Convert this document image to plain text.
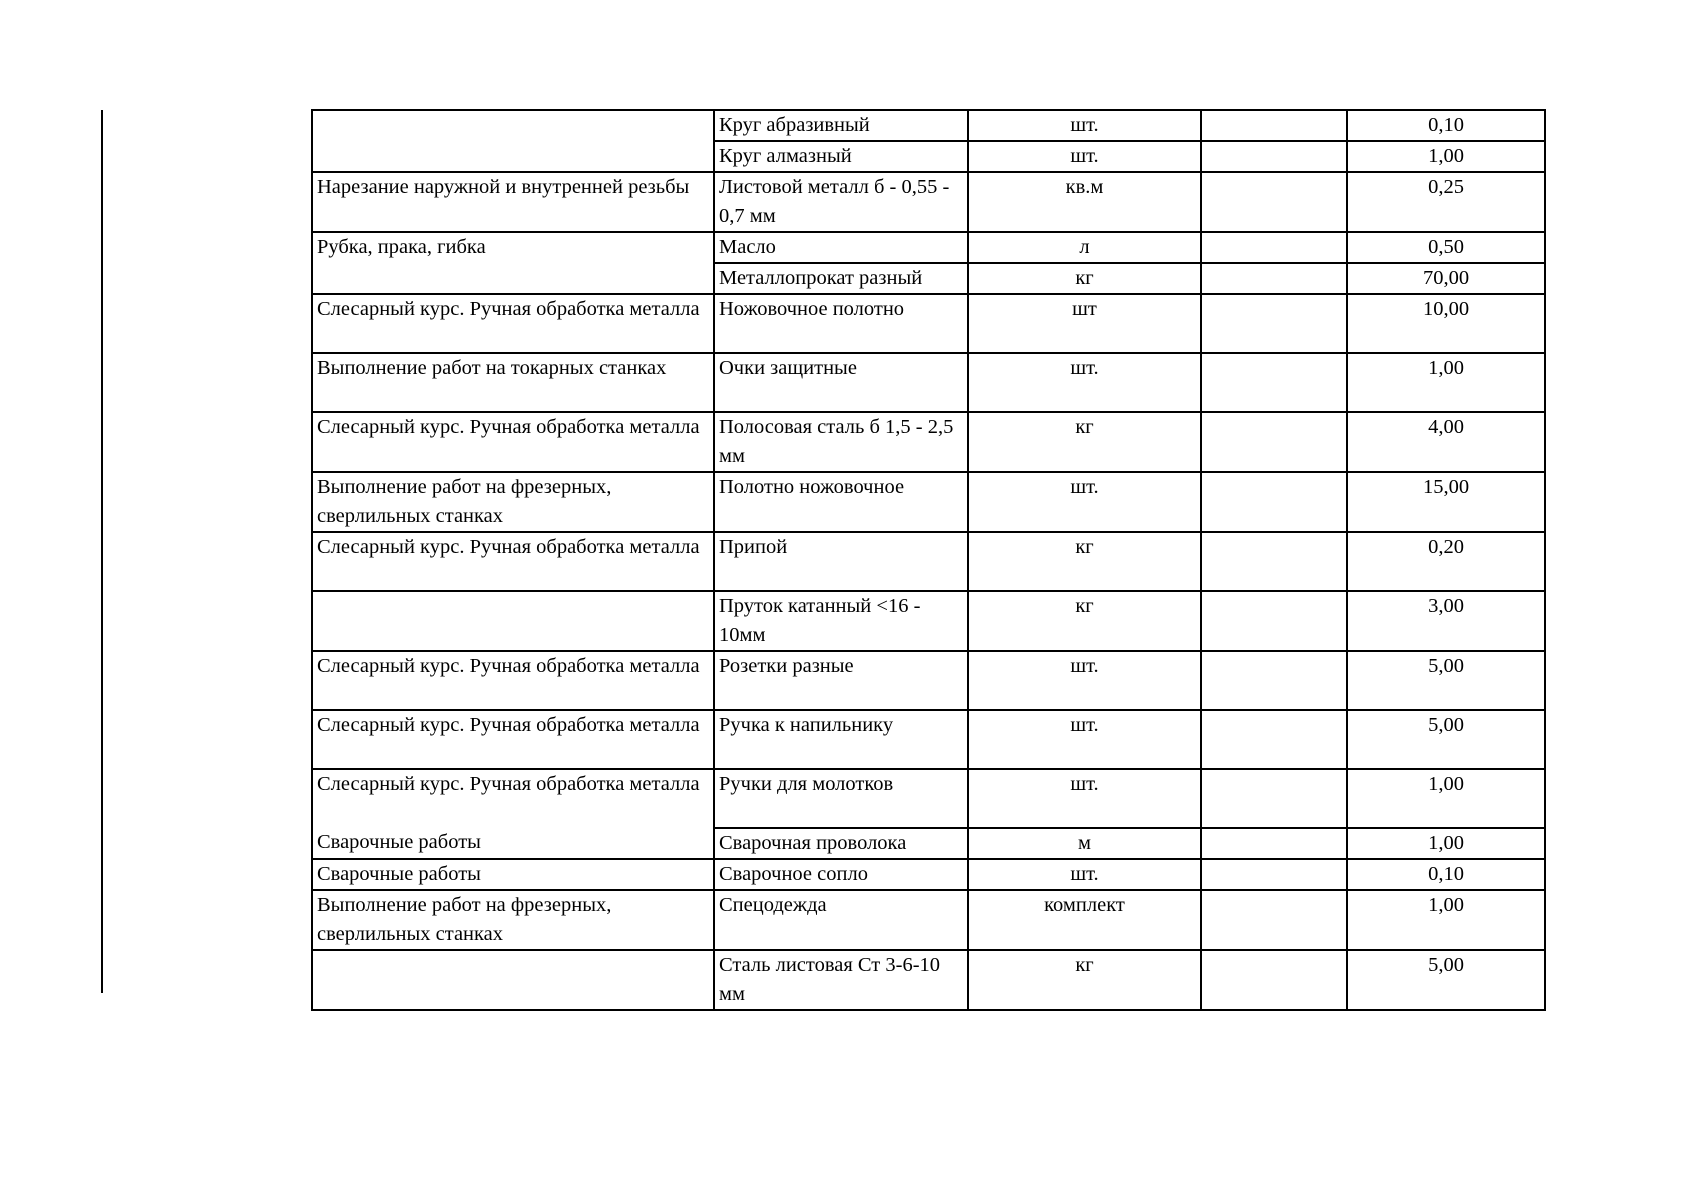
	Круг абразивный	шт.		0,10
	Круг алмазный	шт.		1,00
Нарезание наружной и внутренней резьбы	Листовой металл б - 0,55 - 0,7 мм	кв.м		0,25
Рубка, прака, гибка	Масло	л		0,50
	Металлопрокат разный	кг		70,00
Слесарный курс. Ручная обработка металла	Ножовочное полотно	шт		10,00
Выполнение работ на токарных станках	Очки защитные	шт.		1,00
Слесарный курс. Ручная обработка металла	Полосовая сталь б 1,5 - 2,5 мм	кг		4,00
Выполнение работ на фрезерных, сверлильных станках	Полотно ножовочное	шт.		15,00
Слесарный курс. Ручная обработка металла	Припой	кг		0,20
	Пруток катанный <16 - 10мм	кг		3,00
Слесарный курс. Ручная обработка металла	Розетки разные	шт.		5,00
Слесарный курс. Ручная обработка металла	Ручка к напильнику	шт.		5,00
Слесарный курс. Ручная обработка металла	Ручки для молотков	шт.		1,00
Сварочные работы	Сварочная проволока	м		1,00
Сварочные работы	Сварочное сопло	шт.		0,10
Выполнение работ на фрезерных, сверлильных станках	Спецодежда	комплект		1,00
	Сталь листовая Ст 3-6-10 мм	кг		5,00
